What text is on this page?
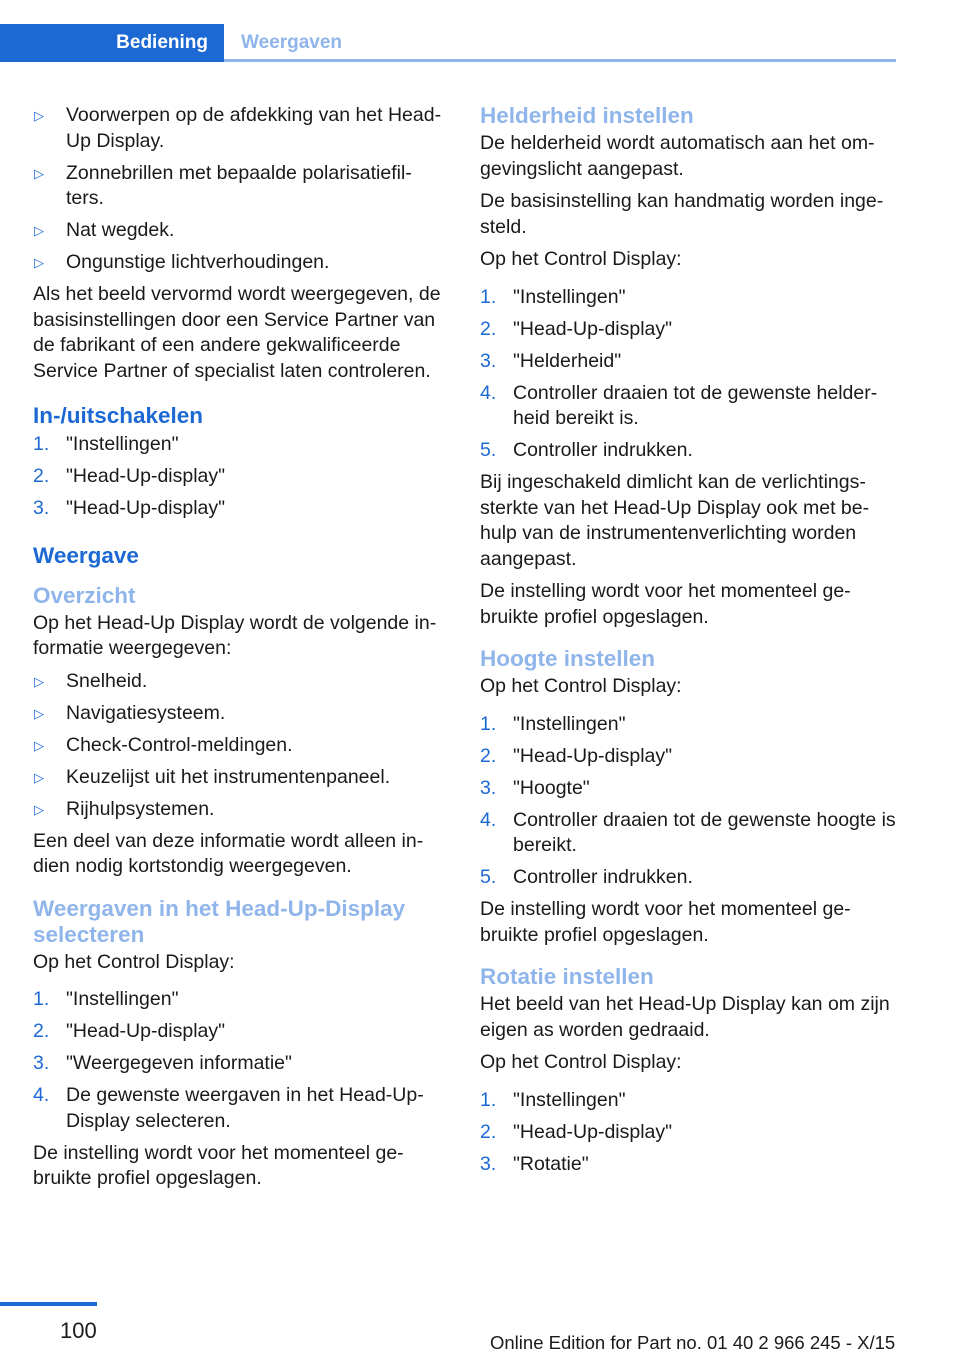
Bediening Weergaven
▷ Voorwerpen op de afdekking van het Head-Up Display.
▷ Zonnebrillen met bepaalde polarisatiefil-ters.
▷ Nat wegdek.
▷ Ongunstige lichtverhoudingen.

Als het beeld vervormd wordt weergegeven, de basisinstellingen door een Service Partner van de fabrikant of een andere gekwalificeerde Service Partner of specialist laten controleren.

In-/uitschakelen
1. "Instellingen"
2. "Head-Up-display"
3. "Head-Up-display"
Weergave
Overzicht

Op het Head-Up Display wordt de volgende in-formatie weergegeven:

▷ Snelheid.
▷ Navigatiesysteem.
▷ Check-Control-meldingen.
▷ Keuzelijst uit het instrumentenpaneel.
▷ Rijhulpsystemen.

Een deel van deze informatie wordt alleen in-dien nodig kortstondig weergegeven.

Weergaven in het Head-Up-Display selecteren

Op het Control Display:

1. "Instellingen"
2. "Head-Up-display"
3. "Weergegeven informatie"
4. De gewenste weergaven in het Head-Up-Display selecteren.

De instelling wordt voor het momenteel ge-bruikte profiel opgeslagen.

Helderheid instellen

De helderheid wordt automatisch aan het om-gevingslicht aangepast.

De basisinstelling kan handmatig worden inge-steld.

Op het Control Display:

1. "Instellingen"
2. "Head-Up-display"
3. "Helderheid"
4. Controller draaien tot de gewenste helder-heid bereikt is.
5. Controller indrukken.

Bij ingeschakeld dimlicht kan de verlichtings-sterkte van het Head-Up Display ook met be-hulp van de instrumentenverlichting worden aangepast.

De instelling wordt voor het momenteel ge-bruikte profiel opgeslagen.

Hoogte instellen

Op het Control Display:

1. "Instellingen"
2. "Head-Up-display"
3. "Hoogte"
4. Controller draaien tot de gewenste hoogte is bereikt.
5. Controller indrukken.

De instelling wordt voor het momenteel ge-bruikte profiel opgeslagen.

Rotatie instellen

Het beeld van het Head-Up Display kan om zijn eigen as worden gedraaid.

Op het Control Display:

1. "Instellingen"
2. "Head-Up-display"
3. "Rotatie"
100	Online Edition for Part no. 01 40 2 966 245 - X/15
